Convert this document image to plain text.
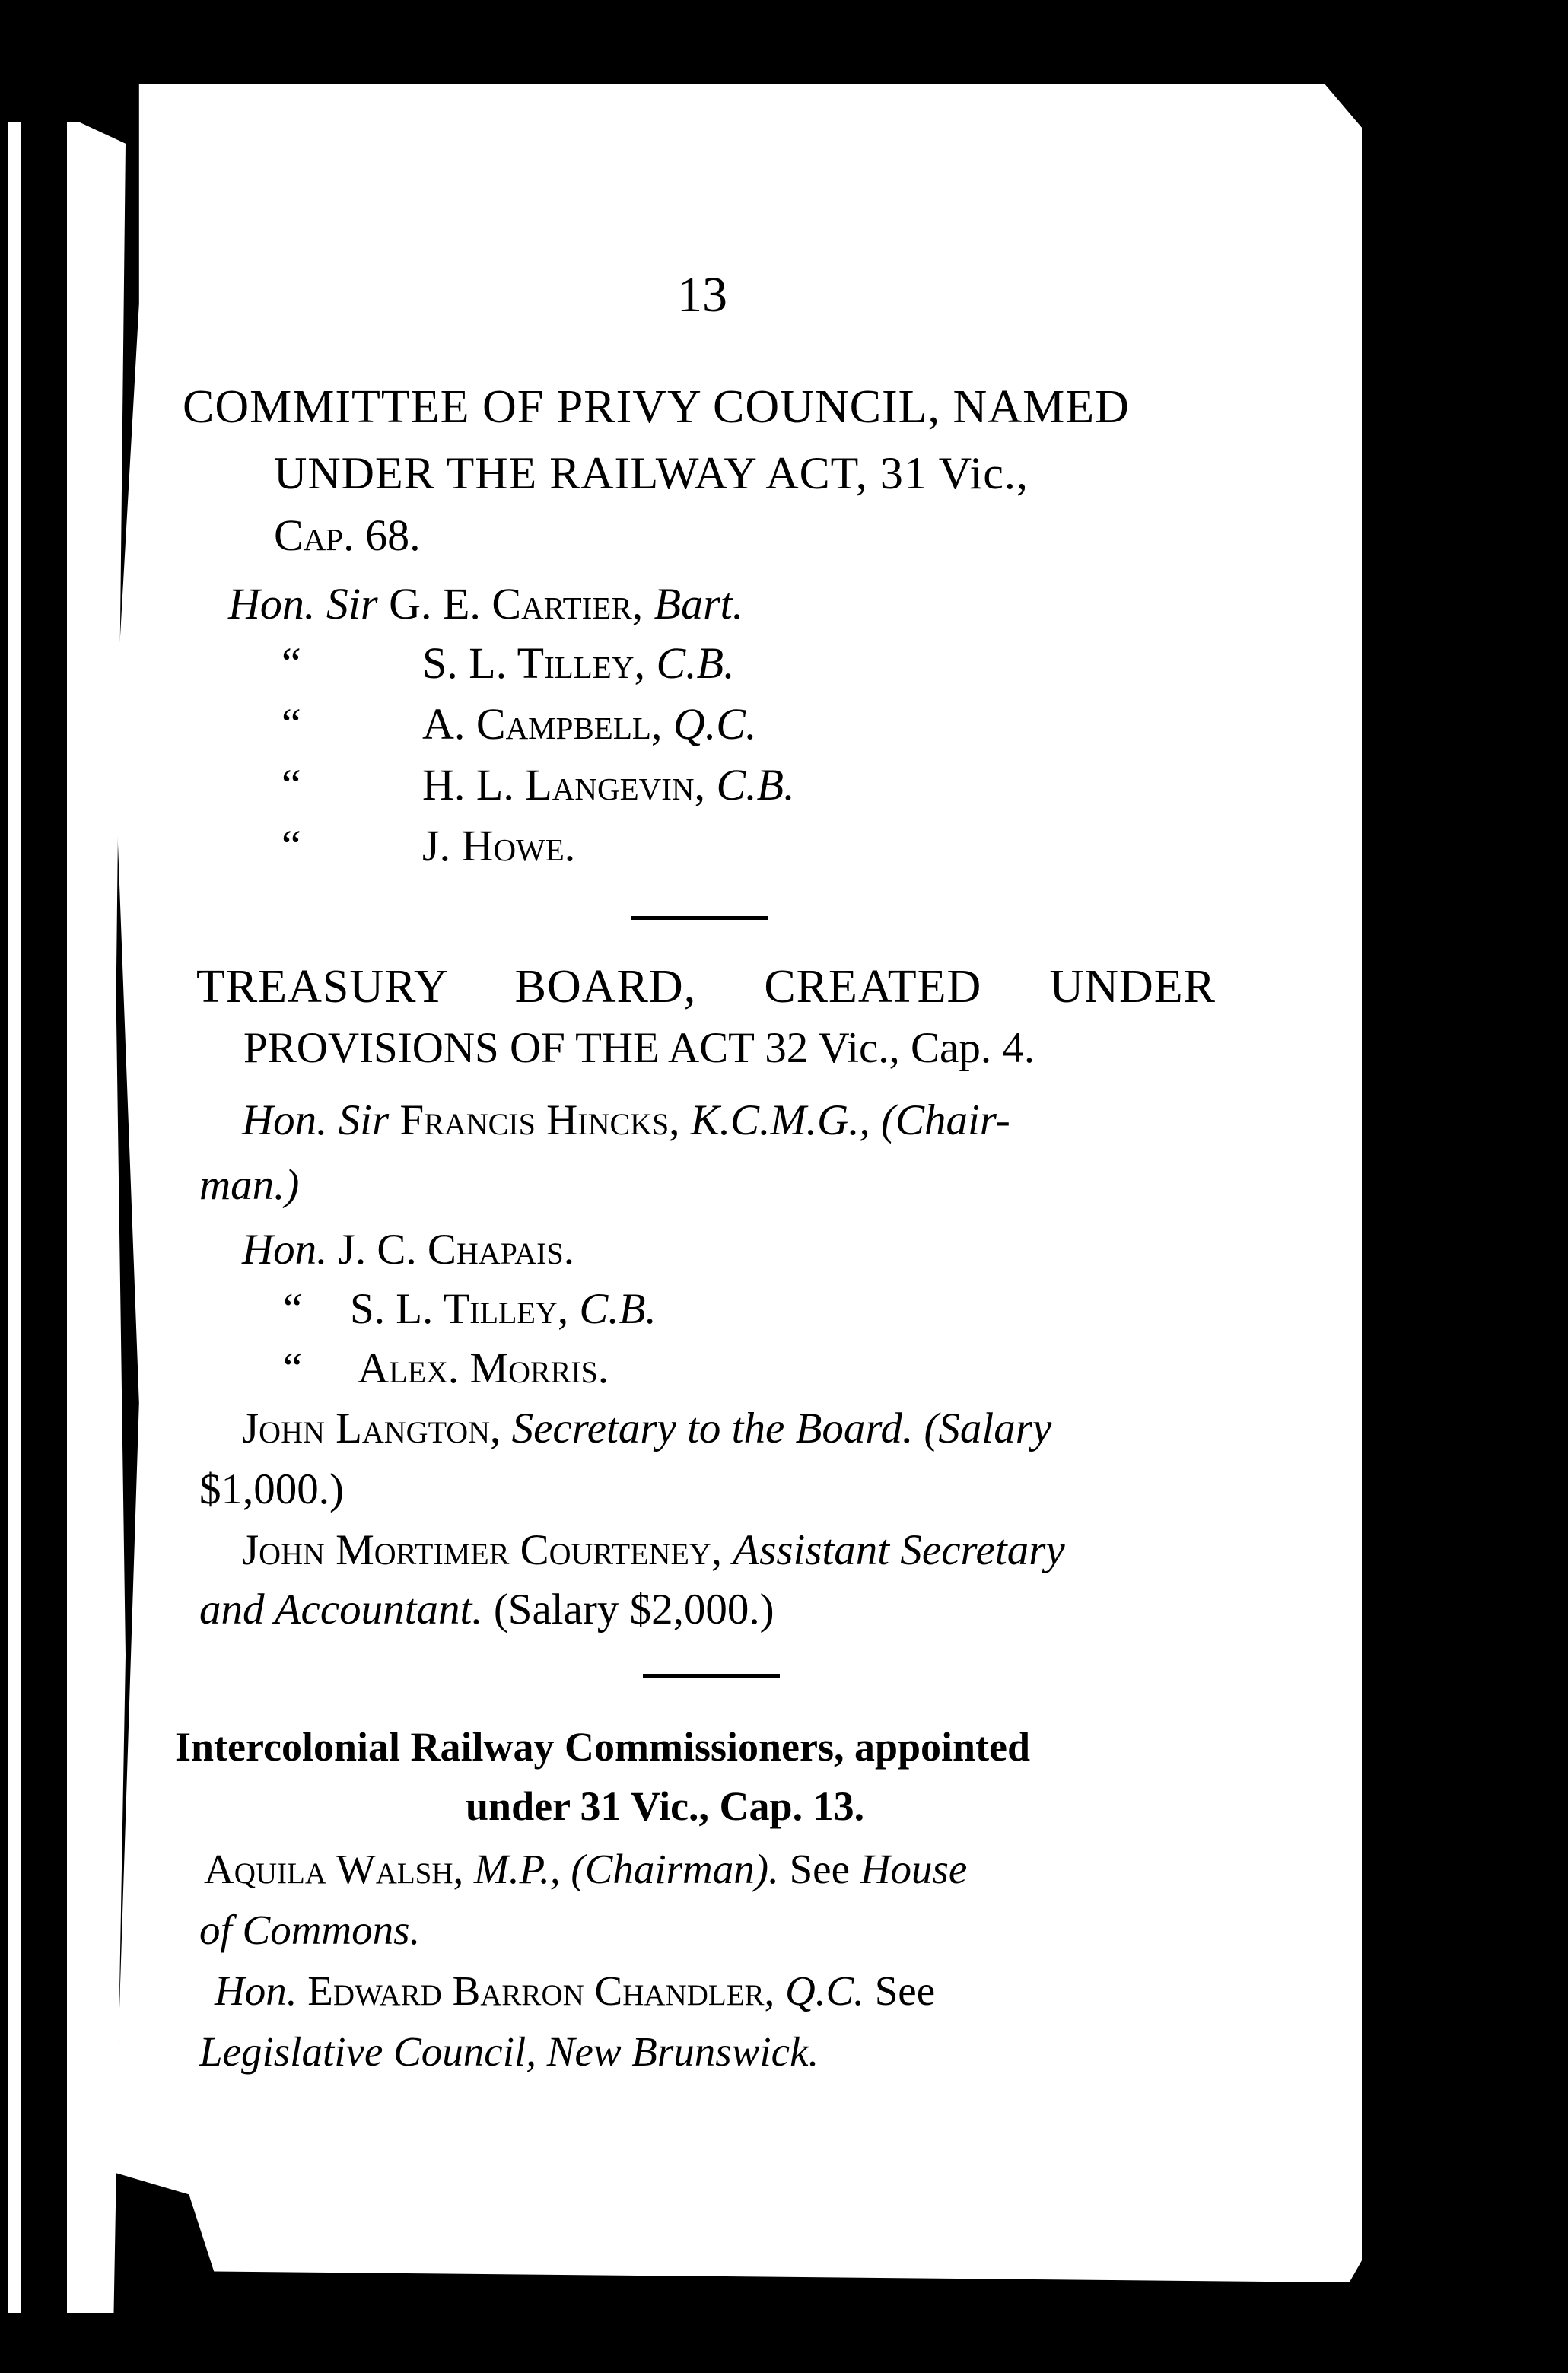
13
COMMITTEE OF PRIVY COUNCIL, NAMED
UNDER THE RAILWAY ACT, 31 Vic.,
Cap. 68.
Hon. Sir G. E. Cartier, Bart.
“	S. L. Tilley, C.B.
“	A. Campbell, Q.C.
“	H. L. Langevin, C.B.
“	J. Howe.
TREASURY BOARD, CREATED UNDER
PROVISIONS OF THE ACT 32 Vic., Cap. 4.
Hon. Sir Francis Hincks, K.C.M.G., (Chair-
man.)
Hon. J. C. Chapais.
“ S. L. Tilley, C.B.
“ Alex. Morris.
John Langton, Secretary to the Board. (Salary
$1,000.)
John Mortimer Courteney, Assistant Secretary
and Accountant. (Salary $2,000.)
Intercolonial Railway Commissioners, appointed
under 31 Vic., Cap. 13.
Aquila Walsh, M.P., (Chairman). See House
of Commons.
Hon. Edward Barron Chandler, Q.C. See
Legislative Council, New Brunswick.
